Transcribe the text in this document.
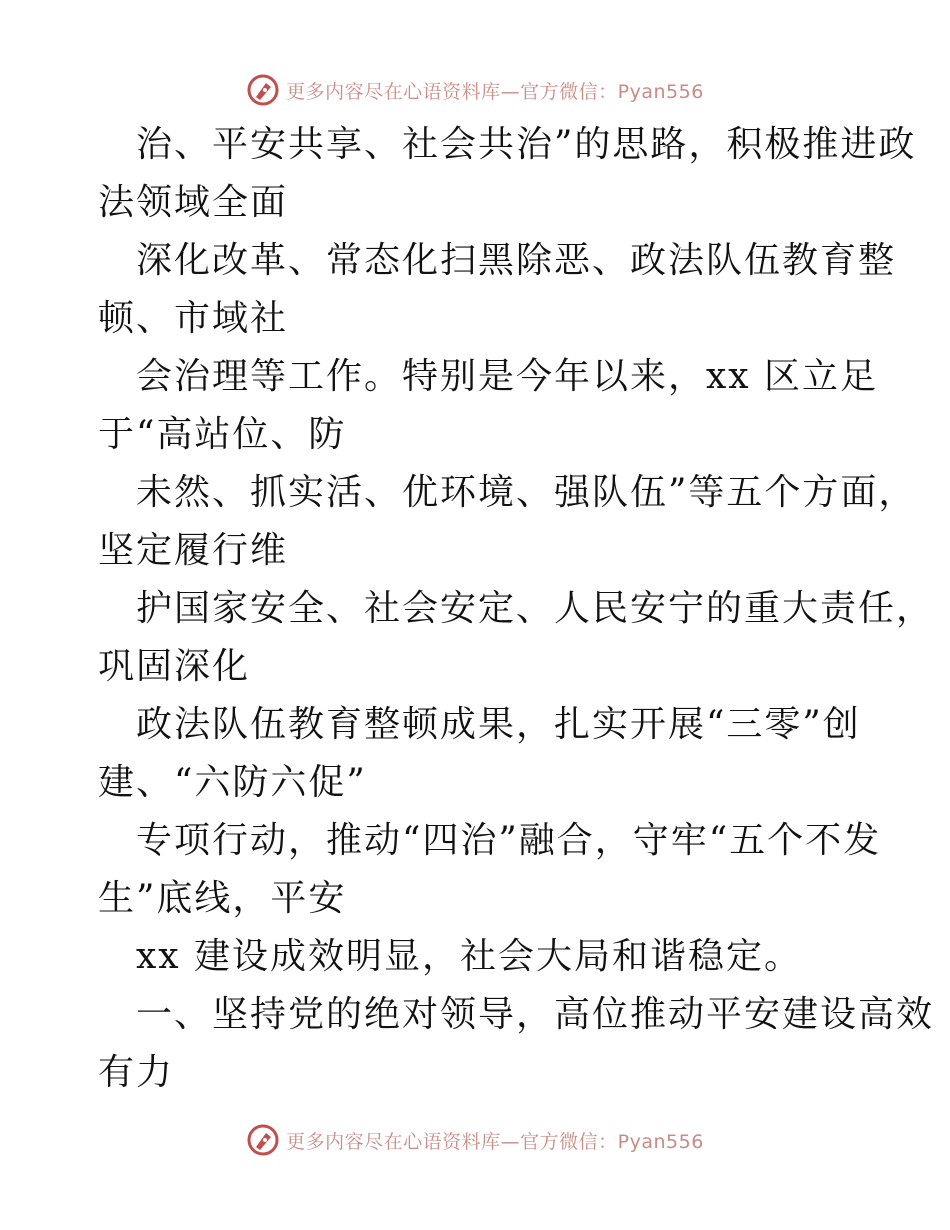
更多内容尽在心语资料库—官方微信：Pyan556
治、平安共享、社会共治”的思路，积极推进政
法领域全面
深化改革、常态化扫黑除恶、政法队伍教育整
顿、市域社
会治理等工作。特别是今年以来，xx 区立足
于“高站位、防
未然、抓实活、优环境、强队伍”等五个方面，
坚定履行维
护国家安全、社会安定、人民安宁的重大责任，
巩固深化
政法队伍教育整顿成果，扎实开展“三零”创
建、“六防六促”
专项行动，推动“四治”融合，守牢“五个不发
生”底线，平安
xx 建设成效明显，社会大局和谐稳定。
一、坚持党的绝对领导，高位推动平安建设高效
有力
更多内容尽在心语资料库—官方微信：Pyan556
